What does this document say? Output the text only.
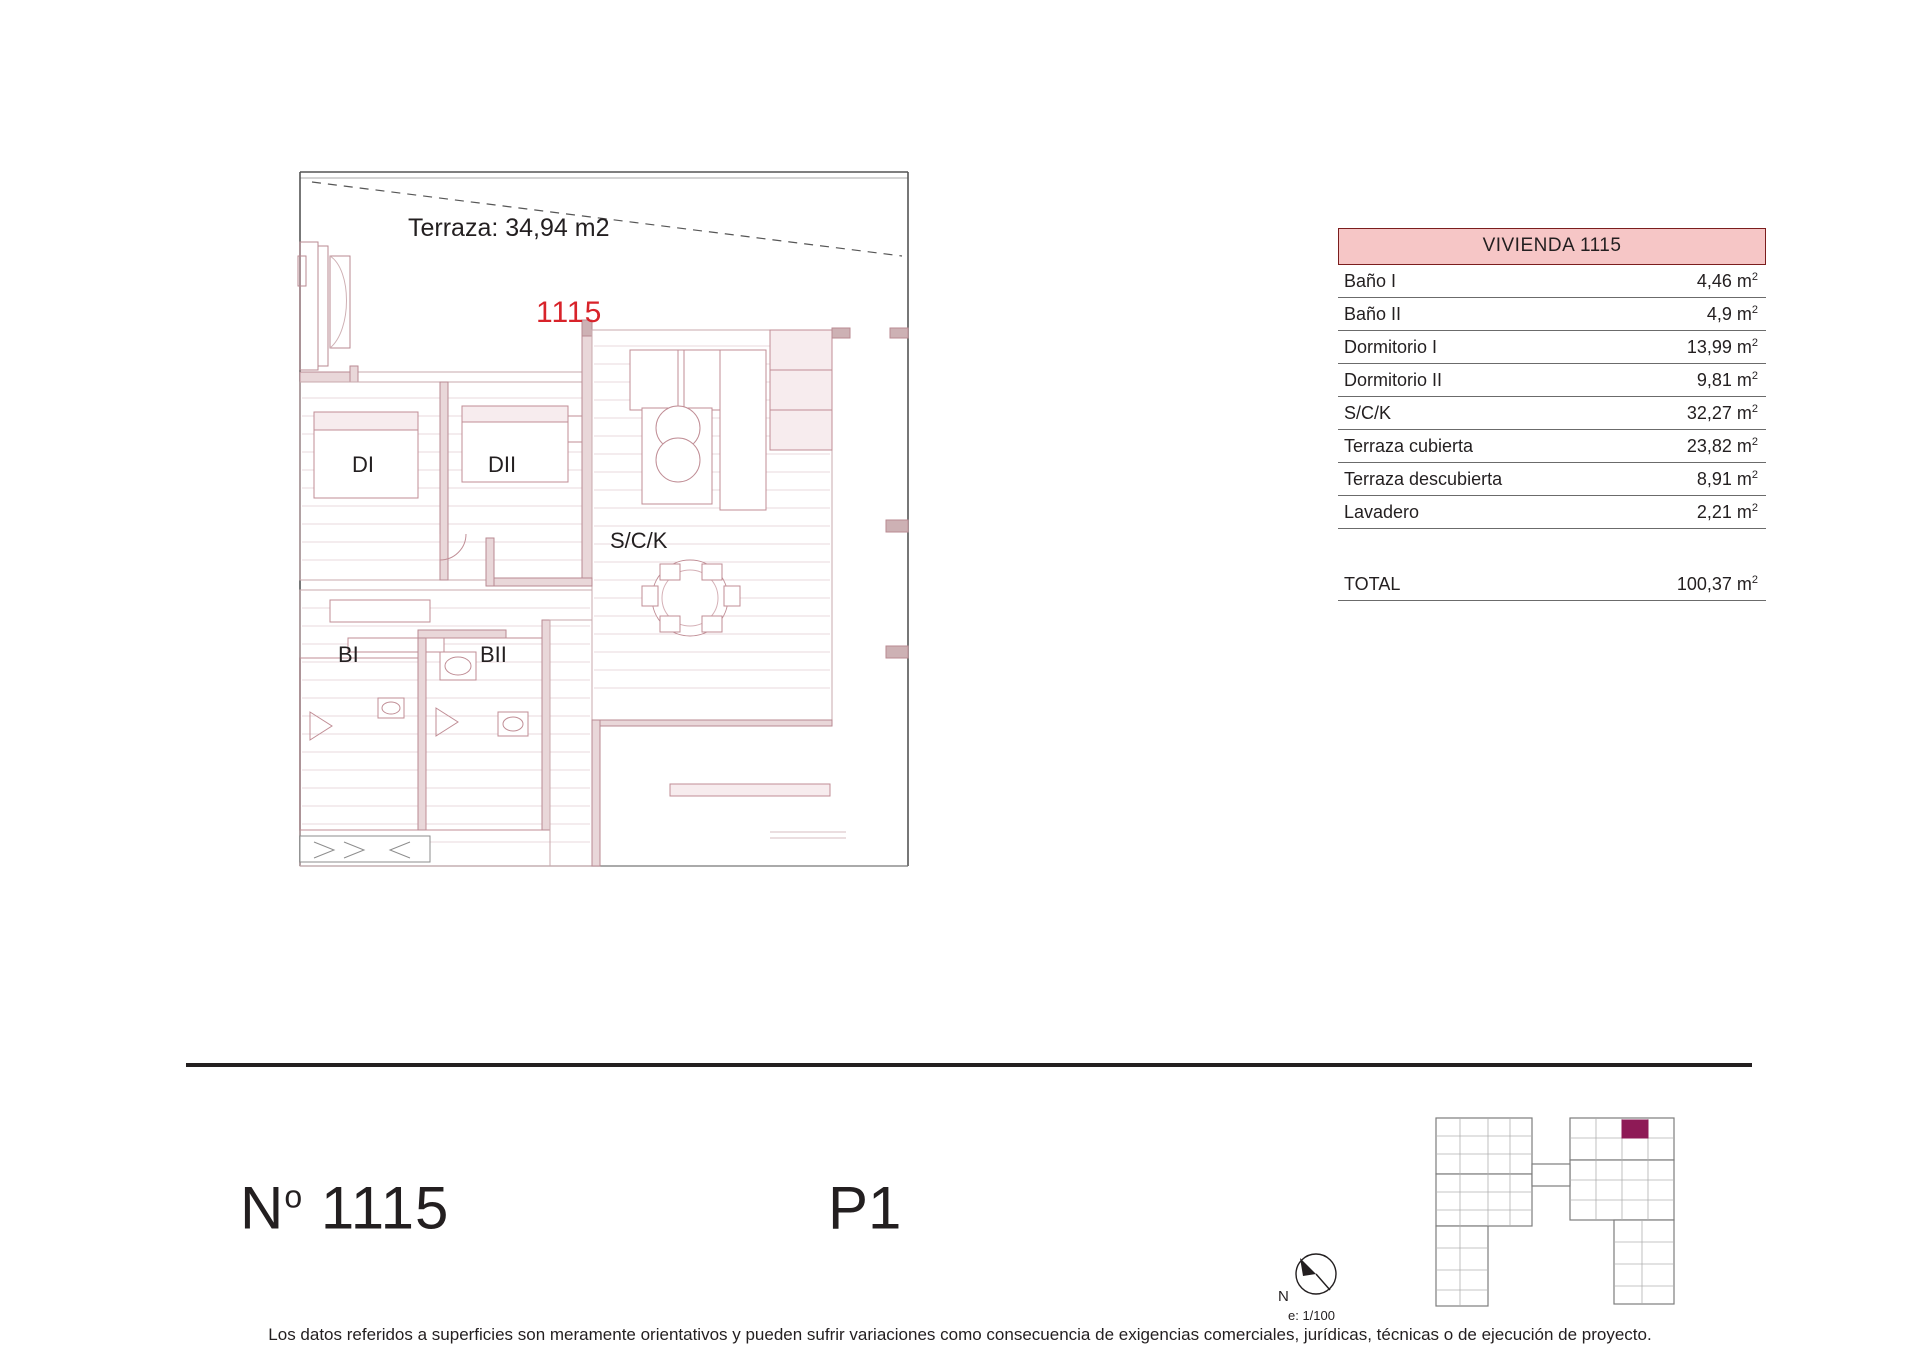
Terraza: 34,94 m2
1115
DI	DII
S/C/K
BI	BII
VIVIENDA 1115
Baño I	4,46 $m^2$
Baño II	4,9 $m^2$
Dormitorio I	13,99 $m^2$
Dormitorio II	9,81 $m^2$
S/C/K	32,27 $m^2$
Terraza cubierta	23,82 $m^2$
Terraza descubierta	8,91 $m^2$
Lavadero	2,21 $m^2$

TOTAL	100,37 $m^2$
$N^o$ 1115	P1
N
e: 1/100
Los datos referidos a superficies son meramente orientativos y pueden sufrir variaciones como consecuencia de exigencias comerciales, jurídicas, técnicas o de ejecución de proyecto.
